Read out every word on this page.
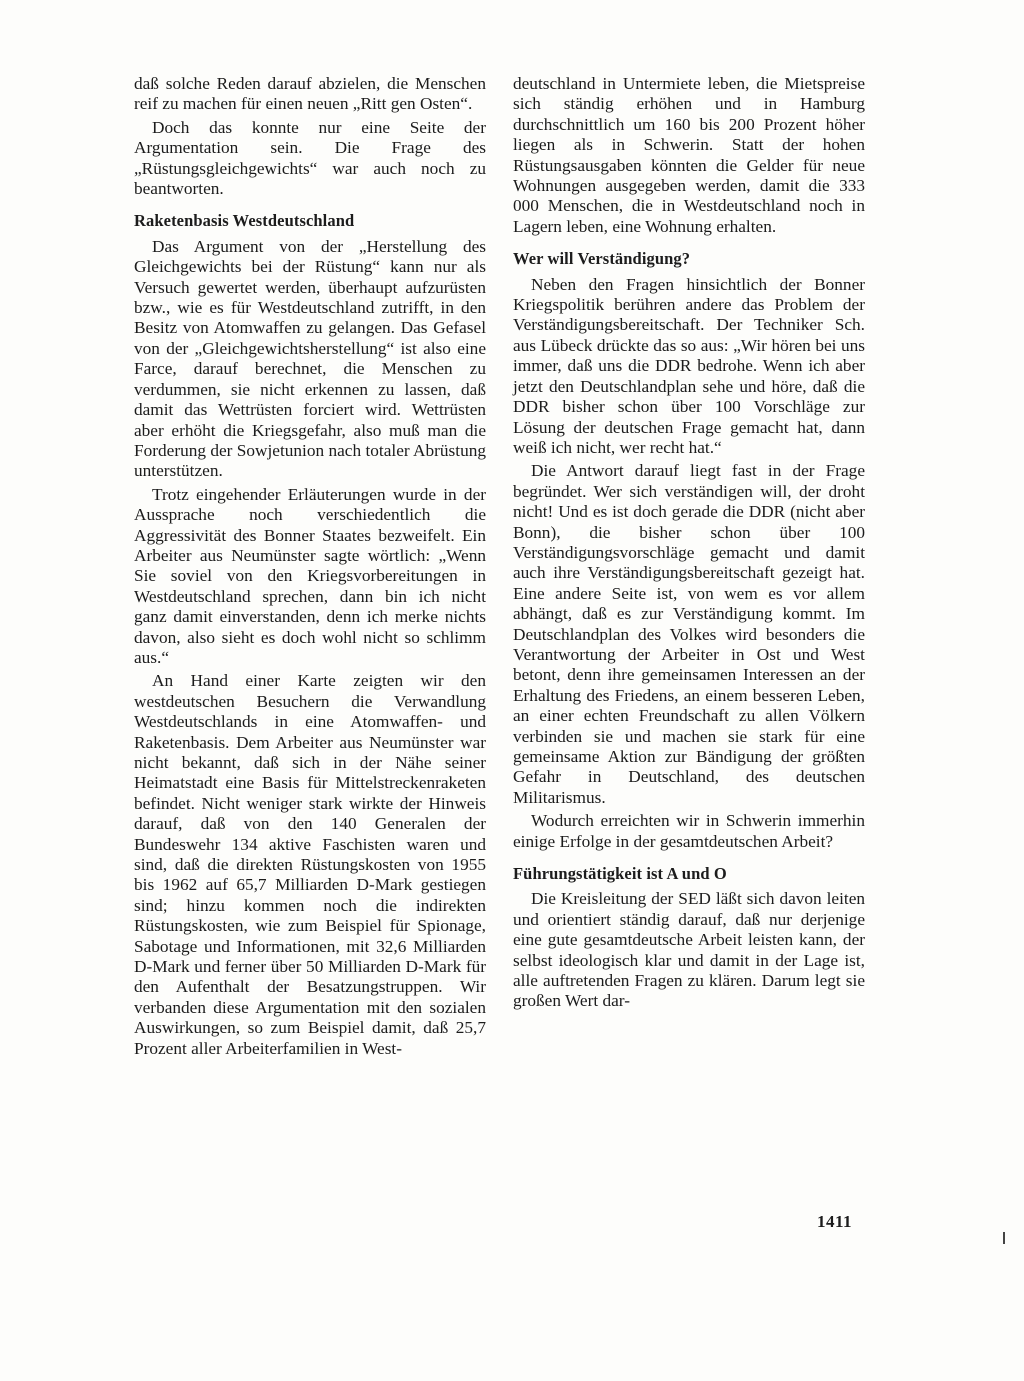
daß solche Reden darauf abzielen, die Menschen reif zu machen für einen neuen „Ritt gen Osten“.

Doch das konnte nur eine Seite der Argumentation sein. Die Frage des „Rüstungsgleichgewichts“ war auch noch zu beantworten.

Raketenbasis Westdeutschland

Das Argument von der „Herstellung des Gleichgewichts bei der Rüstung“ kann nur als Versuch gewertet werden, überhaupt aufzurüsten bzw., wie es für Westdeutschland zutrifft, in den Besitz von Atomwaffen zu gelangen. Das Gefasel von der „Gleichgewichtsherstellung“ ist also eine Farce, darauf berechnet, die Menschen zu verdummen, sie nicht erkennen zu lassen, daß damit das Wettrüsten forciert wird. Wettrüsten aber erhöht die Kriegsgefahr, also muß man die Forderung der Sowjetunion nach totaler Abrüstung unterstützen.

Trotz eingehender Erläuterungen wurde in der Aussprache noch verschiedentlich die Aggressivität des Bonner Staates bezweifelt. Ein Arbeiter aus Neumünster sagte wörtlich: „Wenn Sie soviel von den Kriegsvorbereitungen in Westdeutschland sprechen, dann bin ich nicht ganz damit einverstanden, denn ich merke nichts davon, also sieht es doch wohl nicht so schlimm aus.“

An Hand einer Karte zeigten wir den westdeutschen Besuchern die Verwandlung Westdeutschlands in eine Atomwaffen- und Raketenbasis. Dem Arbeiter aus Neumünster war nicht bekannt, daß sich in der Nähe seiner Heimatstadt eine Basis für Mittelstreckenraketen befindet. Nicht weniger stark wirkte der Hinweis darauf, daß von den 140 Generalen der Bundeswehr 134 aktive Faschisten waren und sind, daß die direkten Rüstungskosten von 1955 bis 1962 auf 65,7 Milliarden D-Mark gestiegen sind; hinzu kommen noch die indirekten Rüstungskosten, wie zum Beispiel für Spionage, Sabotage und Informationen, mit 32,6 Milliarden D-Mark und ferner über 50 Milliarden D-Mark für den Aufenthalt der Besatzungstruppen. Wir verbanden diese Argumentation mit den sozialen Auswirkungen, so zum Beispiel damit, daß 25,7 Prozent aller Arbeiterfamilien in West-

deutschland in Untermiete leben, die Mietspreise sich ständig erhöhen und in Hamburg durchschnittlich um 160 bis 200 Prozent höher liegen als in Schwerin. Statt der hohen Rüstungsausgaben könnten die Gelder für neue Wohnungen ausgegeben werden, damit die 333 000 Menschen, die in Westdeutschland noch in Lagern leben, eine Wohnung erhalten.

Wer will Verständigung?

Neben den Fragen hinsichtlich der Bonner Kriegspolitik berühren andere das Problem der Verständigungsbereitschaft. Der Techniker Sch. aus Lübeck drückte das so aus: „Wir hören bei uns immer, daß uns die DDR bedrohe. Wenn ich aber jetzt den Deutschlandplan sehe und höre, daß die DDR bisher schon über 100 Vorschläge zur Lösung der deutschen Frage gemacht hat, dann weiß ich nicht, wer recht hat.“

Die Antwort darauf liegt fast in der Frage begründet. Wer sich verständigen will, der droht nicht! Und es ist doch gerade die DDR (nicht aber Bonn), die bisher schon über 100 Verständigungsvorschläge gemacht und damit auch ihre Verständigungsbereitschaft gezeigt hat. Eine andere Seite ist, von wem es vor allem abhängt, daß es zur Verständigung kommt. Im Deutschlandplan des Volkes wird besonders die Verantwortung der Arbeiter in Ost und West betont, denn ihre gemeinsamen Interessen an der Erhaltung des Friedens, an einem besseren Leben, an einer echten Freundschaft zu allen Völkern verbinden sie und machen sie stark für eine gemeinsame Aktion zur Bändigung der größten Gefahr in Deutschland, des deutschen Militarismus.

Wodurch erreichten wir in Schwerin immerhin einige Erfolge in der gesamtdeutschen Arbeit?

Führungstätigkeit ist A und O

Die Kreisleitung der SED läßt sich davon leiten und orientiert ständig darauf, daß nur derjenige eine gute gesamtdeutsche Arbeit leisten kann, der selbst ideologisch klar und damit in der Lage ist, alle auftretenden Fragen zu klären. Darum legt sie großen Wert dar-

1411
